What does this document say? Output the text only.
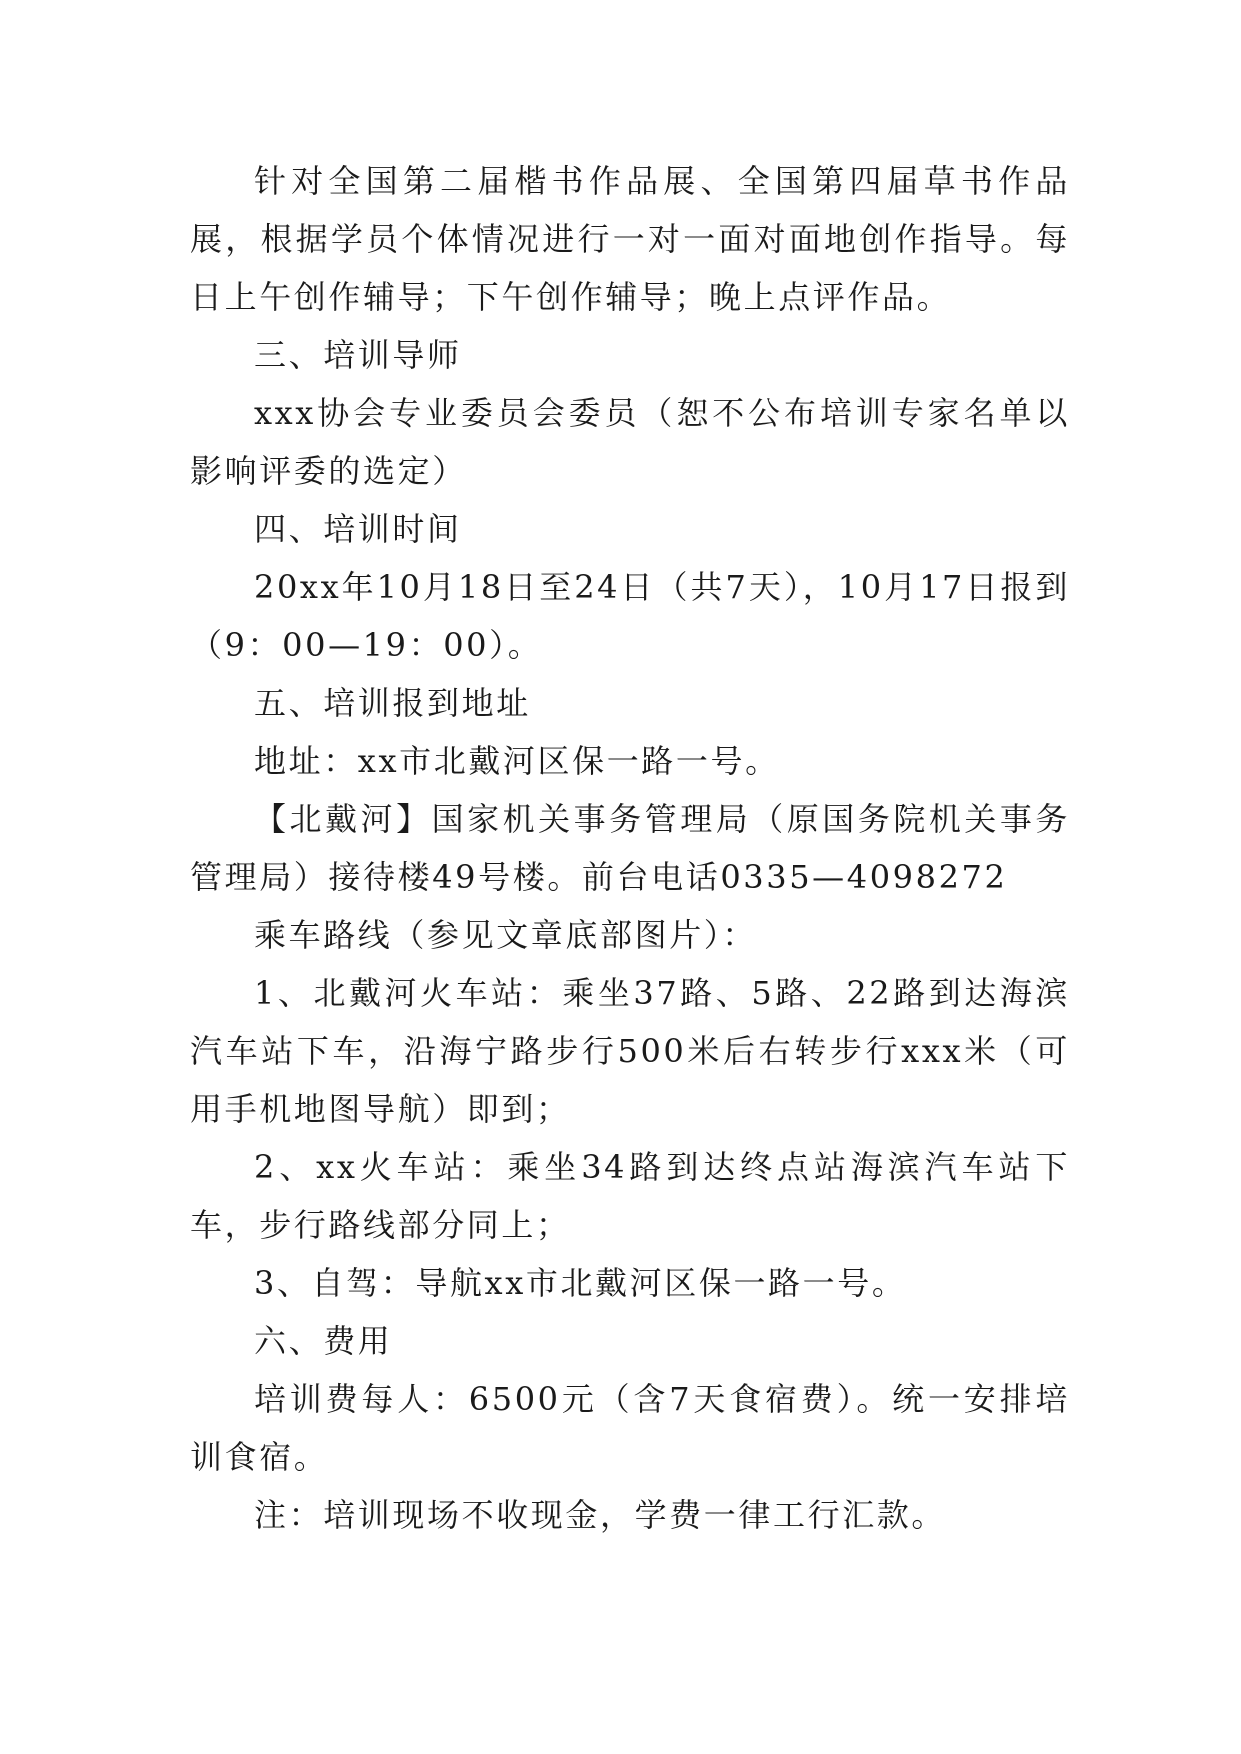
针对全国第二届楷书作品展、全国第四届草书作品展，根据学员个体情况进行一对一面对面地创作指导。每日上午创作辅导；下午创作辅导；晚上点评作品。

三、培训导师

xxx协会专业委员会委员（恕不公布培训专家名单以影响评委的选定）

四、培训时间

20xx年10月18日至24日（共7天），10月17日报到（9：00—19：00）。

五、培训报到地址

地址：xx市北戴河区保一路一号。

【北戴河】国家机关事务管理局（原国务院机关事务管理局）接待楼49号楼。前台电话0335—4098272

乘车路线（参见文章底部图片）：

1、北戴河火车站：乘坐37路、5路、22路到达海滨汽车站下车，沿海宁路步行500米后右转步行xxx米（可用手机地图导航）即到；

2、xx火车站：乘坐34路到达终点站海滨汽车站下车，步行路线部分同上；

3、自驾：导航xx市北戴河区保一路一号。

六、费用

培训费每人：6500元（含7天食宿费）。统一安排培训食宿。

注：培训现场不收现金，学费一律工行汇款。
